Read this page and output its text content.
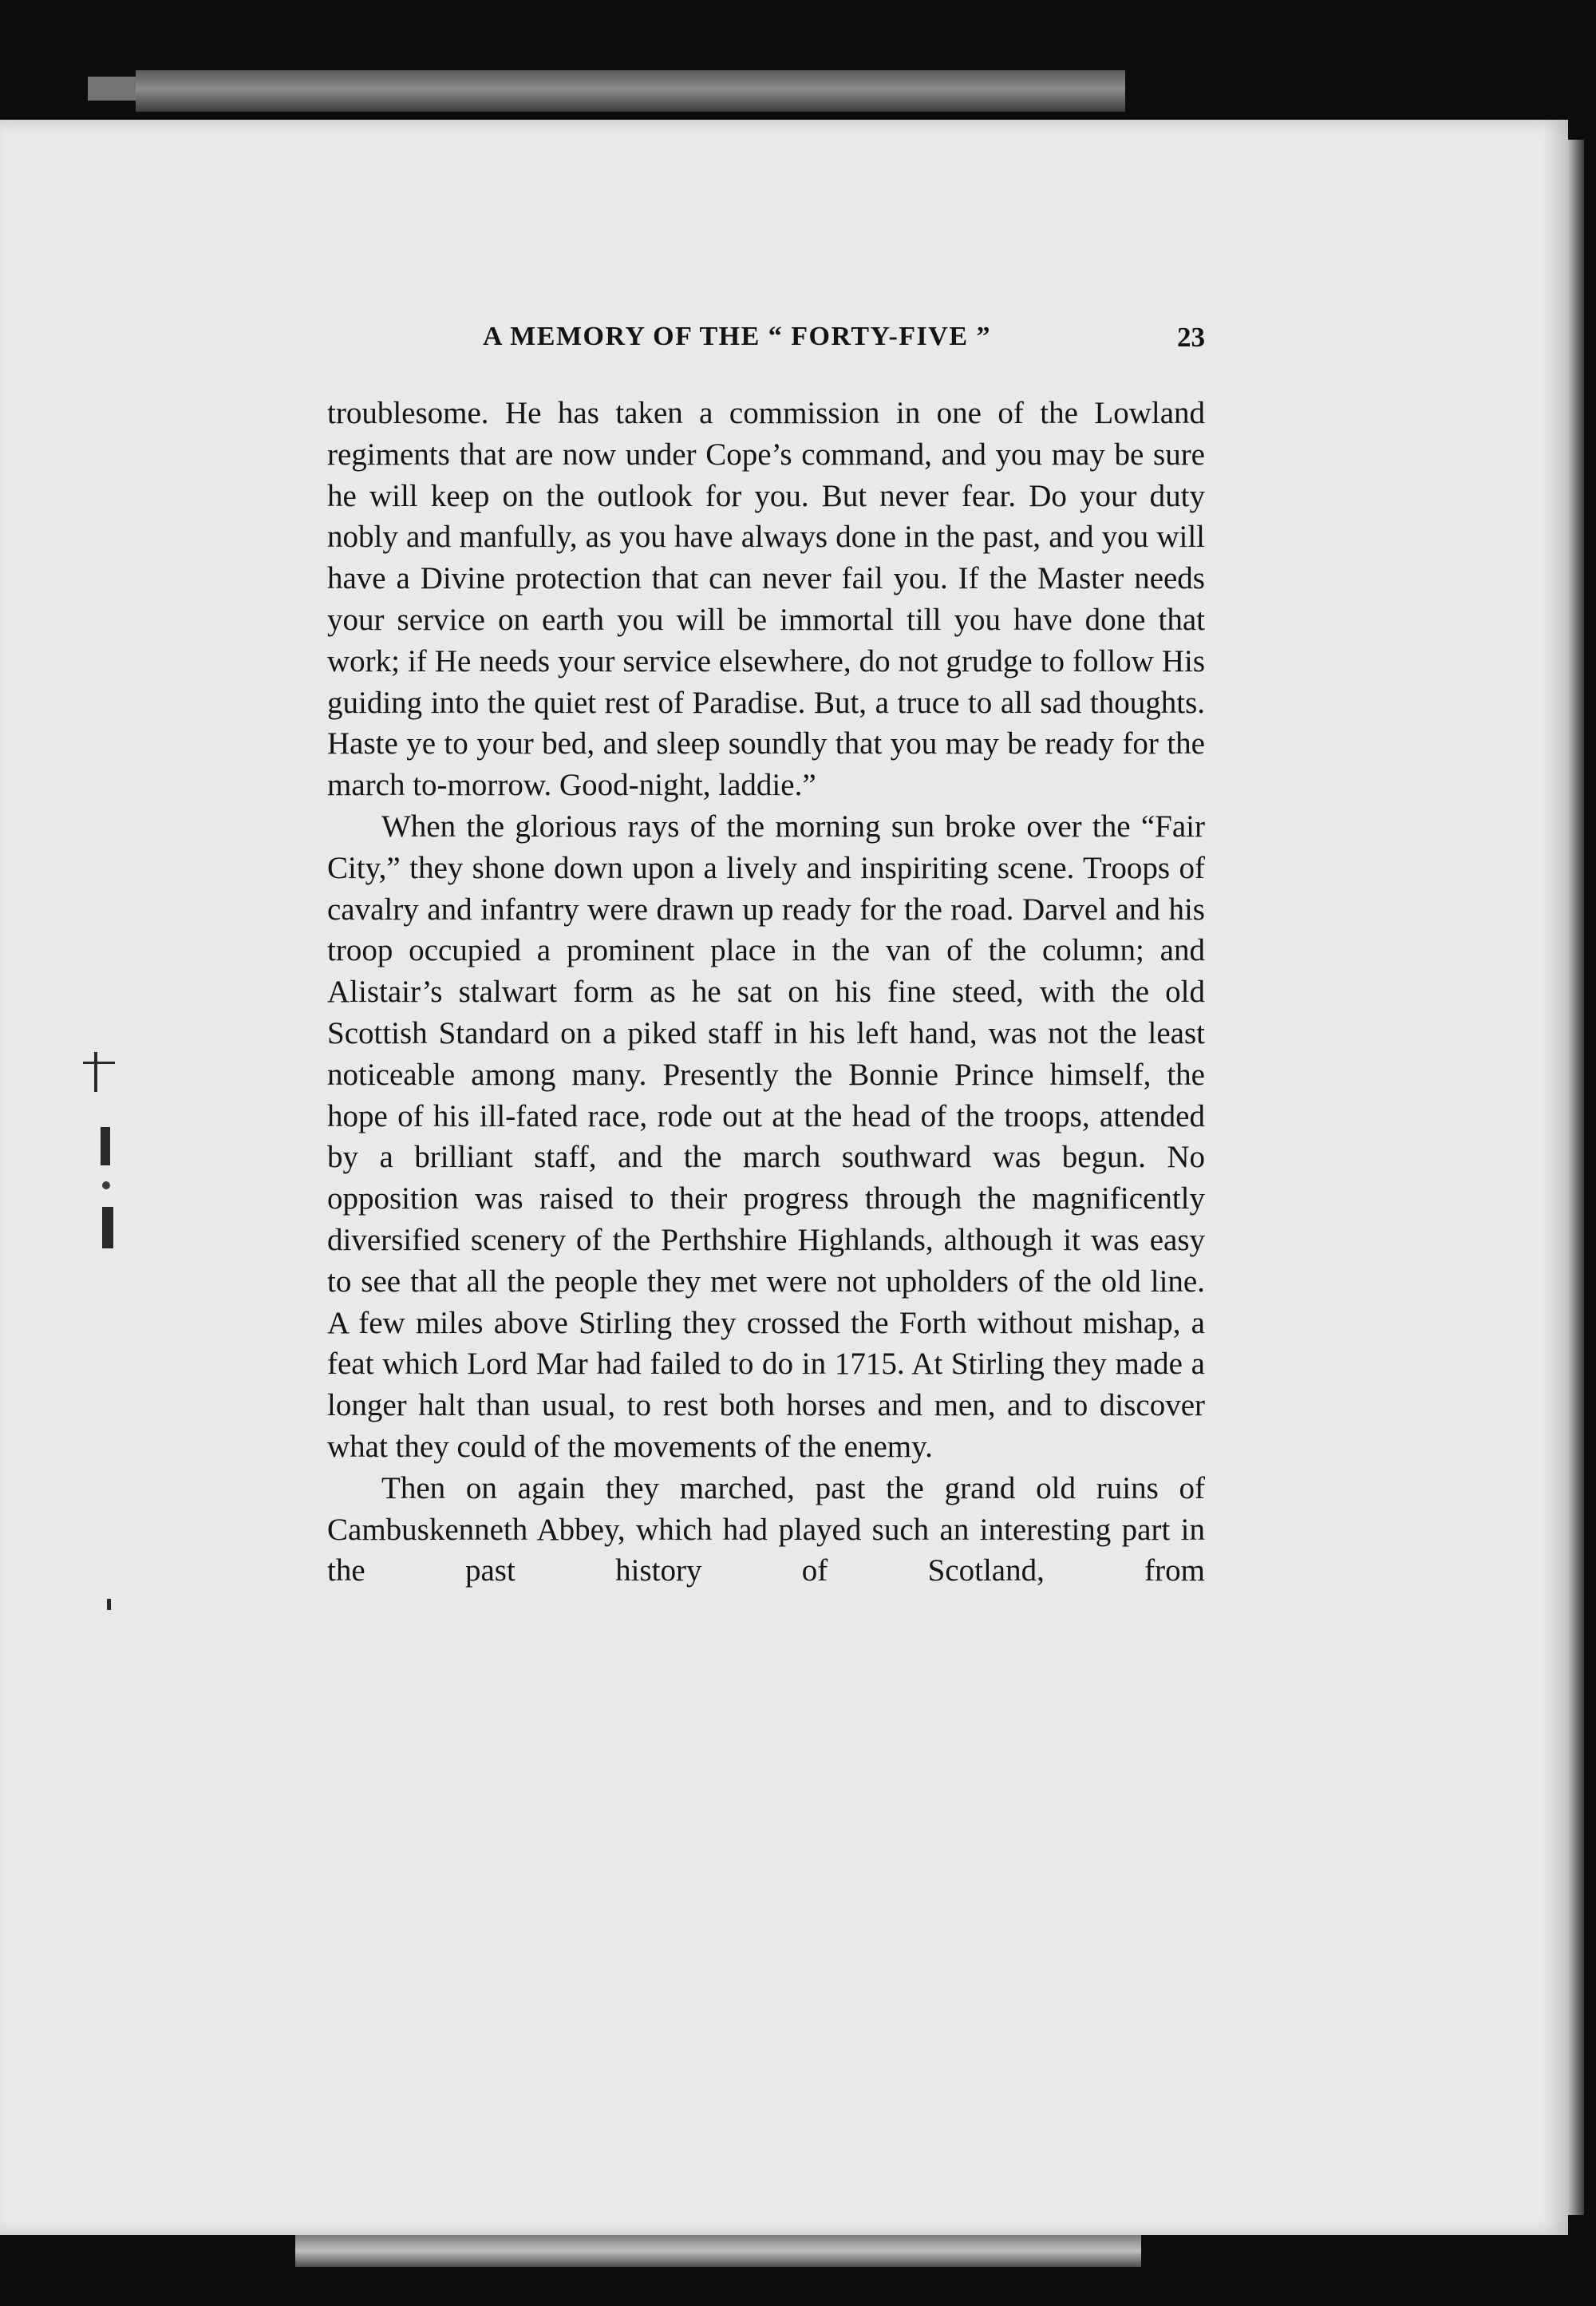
A MEMORY OF THE “ FORTY-FIVE ”	23

troublesome. He has taken a commission in one of the Lowland regiments that are now under Cope’s command, and you may be sure he will keep on the outlook for you. But never fear. Do your duty nobly and manfully, as you have always done in the past, and you will have a Divine protection that can never fail you. If the Master needs your service on earth you will be immortal till you have done that work; if He needs your service elsewhere, do not grudge to follow His guiding into the quiet rest of Paradise. But, a truce to all sad thoughts. Haste ye to your bed, and sleep soundly that you may be ready for the march to-morrow. Good-night, laddie.”

When the glorious rays of the morning sun broke over the “Fair City,” they shone down upon a lively and inspiriting scene. Troops of cavalry and infantry were drawn up ready for the road. Darvel and his troop occupied a prominent place in the van of the column; and Alistair’s stalwart form as he sat on his fine steed, with the old Scottish Standard on a piked staff in his left hand, was not the least noticeable among many. Presently the Bonnie Prince himself, the hope of his ill-fated race, rode out at the head of the troops, attended by a brilliant staff, and the march southward was begun. No opposition was raised to their progress through the magnificently diversified scenery of the Perthshire Highlands, although it was easy to see that all the people they met were not upholders of the old line. A few miles above Stirling they crossed the Forth without mishap, a feat which Lord Mar had failed to do in 1715. At Stirling they made a longer halt than usual, to rest both horses and men, and to discover what they could of the movements of the enemy.

Then on again they marched, past the grand old ruins of Cambuskenneth Abbey, which had played such an interesting part in the past history of Scotland, from
